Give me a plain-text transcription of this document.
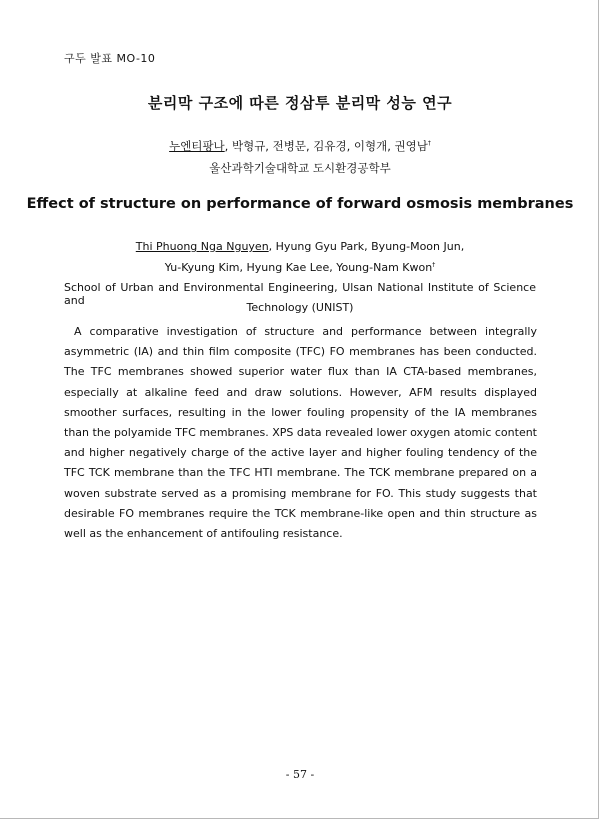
구두 발표 MO-10
분리막 구조에 따른 정삼투 분리막 성능 연구
누엔티팡나, 박형규, 전병문, 김유경, 이형개, 권영남†
울산과학기술대학교 도시환경공학부
Effect of structure on performance of forward osmosis membranes
Thi Phuong Nga Nguyen, Hyung Gyu Park, Byung-Moon Jun,
Yu-Kyung Kim, Hyung Kae Lee, Young-Nam Kwon†
School of Urban and Environmental Engineering, Ulsan National Institute of Science and
Technology (UNIST)

A comparative investigation of structure and performance between integrally asymmetric (IA) and thin film composite (TFC) FO membranes has been conducted. The TFC membranes showed superior water flux than IA CTA-based membranes, especially at alkaline feed and draw solutions. However, AFM results displayed smoother surfaces, resulting in the lower fouling propensity of the IA membranes than the polyamide TFC membranes. XPS data revealed lower oxygen atomic content and higher negatively charge of the active layer and higher fouling tendency of the TFC TCK membrane than the TFC HTI membrane. The TCK membrane prepared on a woven substrate served as a promising membrane for FO. This study suggests that desirable FO membranes require the TCK membrane-like open and thin structure as well as the enhancement of antifouling resistance.

- 57 -
